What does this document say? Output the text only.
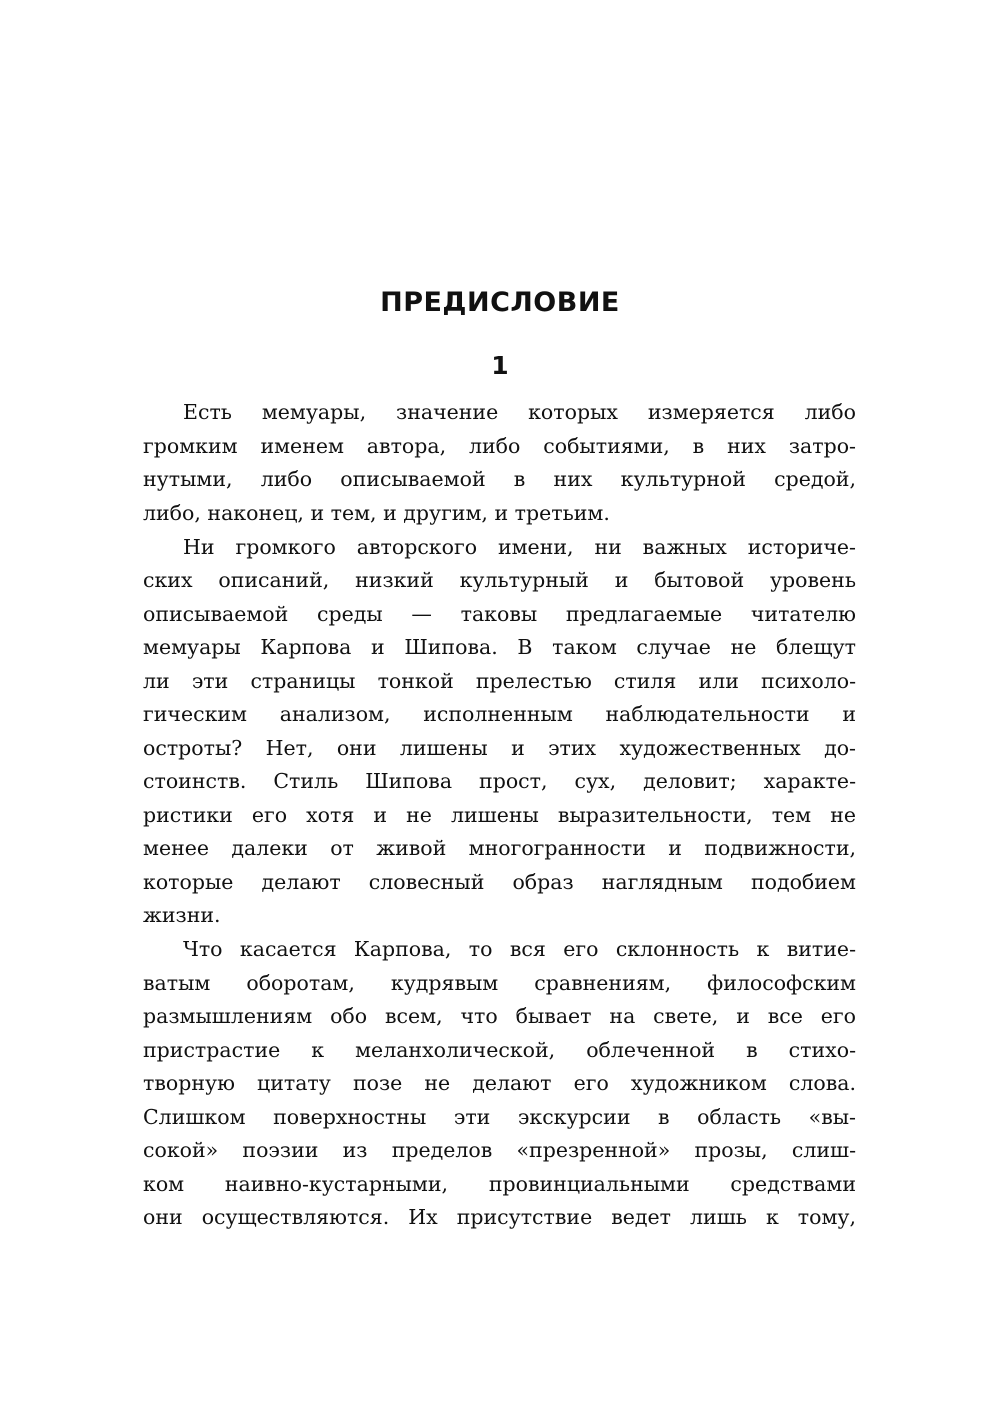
ПРЕДИСЛОВИЕ
1
Есть мемуары, значение которых измеряется либо
громким именем автора, либо событиями, в них затро-
нутыми, либо описываемой в них культурной средой,
либо, наконец, и тем, и другим, и третьим.
Ни громкого авторского имени, ни важных историче-
ских описаний, низкий культурный и бытовой уровень
описываемой среды — таковы предлагаемые читателю
мемуары Карпова и Шипова. В таком случае не блещут
ли эти страницы тонкой прелестью стиля или психоло-
гическим анализом, исполненным наблюдательности и
остроты? Нет, они лишены и этих художественных до-
стоинств. Стиль Шипова прост, сух, деловит; характе-
ристики его хотя и не лишены выразительности, тем не
менее далеки от живой многогранности и подвижности,
которые делают словесный образ наглядным подобием
жизни.
Что касается Карпова, то вся его склонность к витие-
ватым оборотам, кудрявым сравнениям, философским
размышлениям обо всем, что бывает на свете, и все его
пристрастие к меланхолической, облеченной в стихо-
творную цитату позе не делают его художником слова.
Слишком поверхностны эти экскурсии в область «вы-
сокой» поэзии из пределов «презренной» прозы, слиш-
ком наивно-кустарными, провинциальными средствами
они осуществляются. Их присутствие ведет лишь к тому,
